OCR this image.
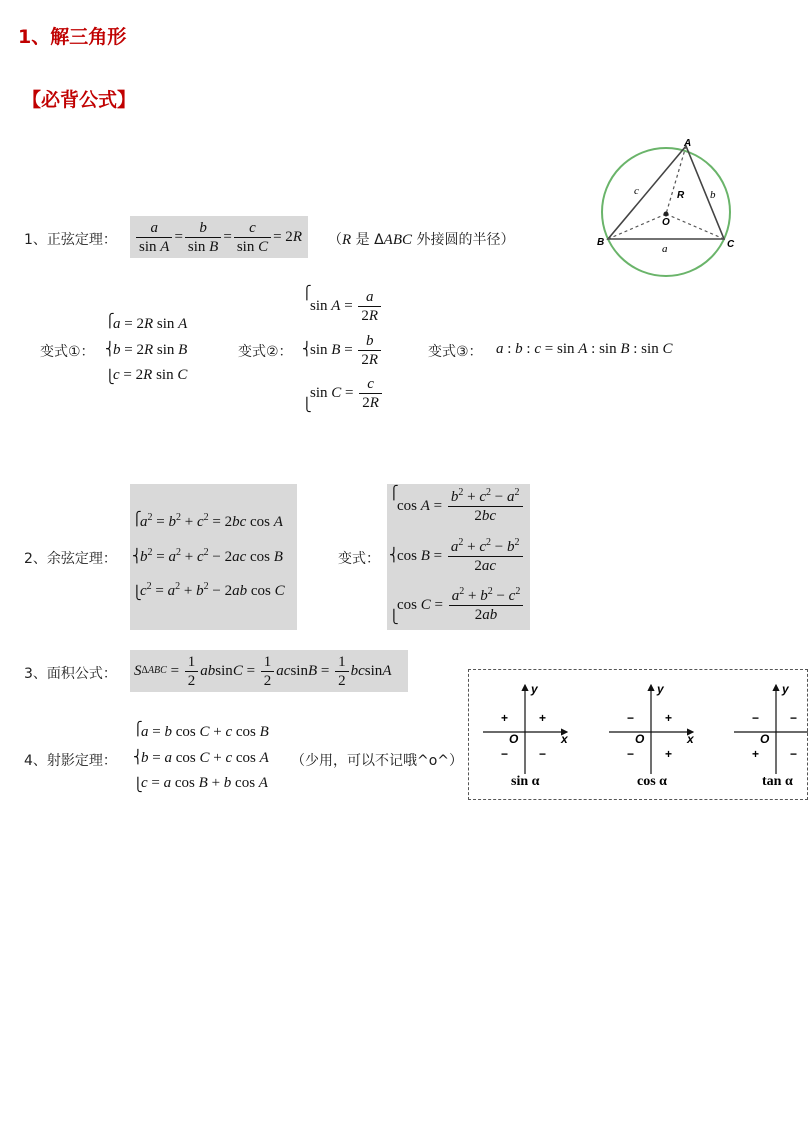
1、解三角形
【必背公式】
1、正弦定理： $\frac{a}{\text{sin A}} = \frac{b}{\text{sin B}} = \frac{c}{\text{sin C}} = 2$ R （R 是 ΔABC 外接圆的半径）
A
B	C
O
a
b
c	R
变式①：
⎧
⎨
⎩
a = 2R sin A
b = 2R sin B
c = 2R sin C
变式②：
⎧
⎨
⎩
$\sin A = \frac{a}{2R}$
$\sin B = \frac{b}{2R}$
$\sin C = \frac{c}{2R}$
变式③： a : b : c = sin A : sin B : sin C
2、余弦定理：
⎧
⎨
⎩
$a^2 = b^2 + c^2 = 2bc$ cos A
$b^2 = a^2 + c^2 - 2ac$ cos B
$c^2 = a^2 + b^2 - 2ab$ cos C
变式：
⎧
⎨
⎩
$\cos A = \frac{b^2 + c^2 - a^2}{2bc}$
$\cos B = \frac{a^2 + c^2 - b^2}{2ac}$
$\cos C = \frac{a^2 + b^2 - c^2}{2ab}$
3、面积公式： S $\Delta ABC = \frac{1}{2}$ ab $\sin C = \frac{1}{2}$ ac $\sin B = \frac{1}{2}$ bc sin A
4、射影定理：
⎧
⎨
⎩
a = b cos C + c cos B
b = a cos C + c cos A
c = a cos B + b cos A
（少用，可以不记哦^o^）
y
x
O
+
+
−	−
sin α
y
x
O
+
−
−	+
cos α
y
O
−
−
+	−
tan α
